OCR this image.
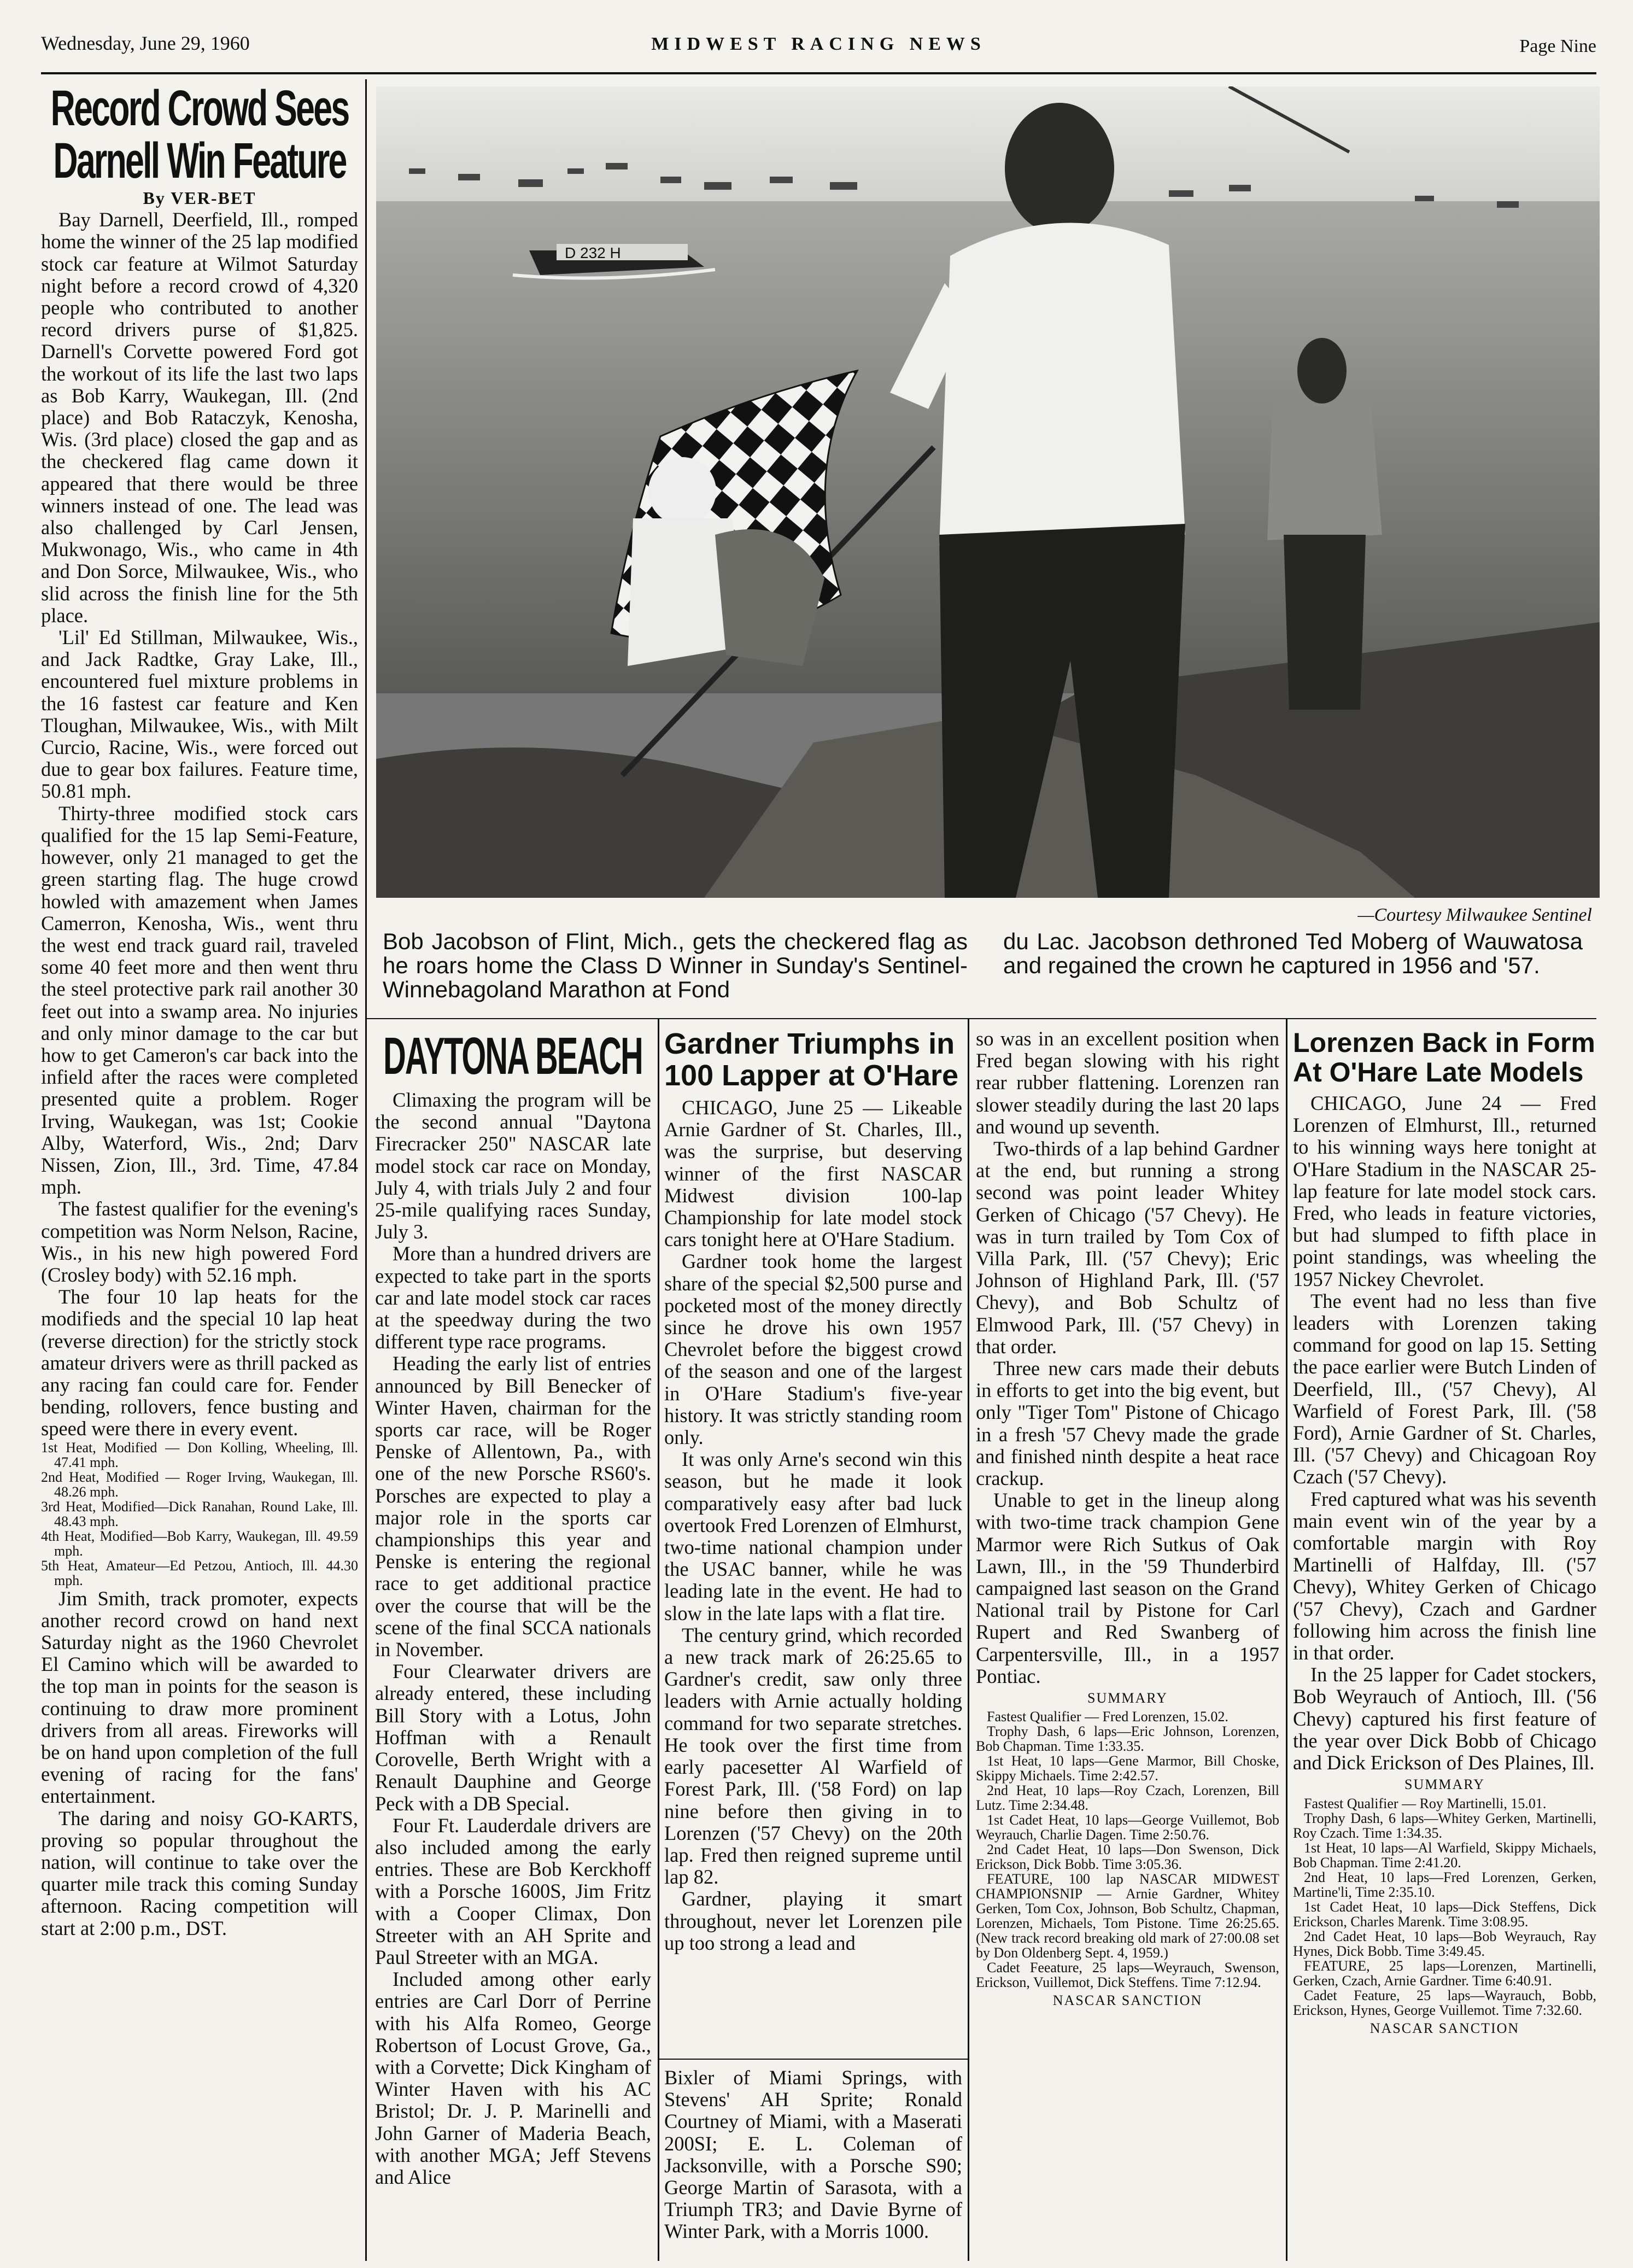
Wednesday, June 29, 1960	MIDWEST RACING NEWS	Page Nine
Record Crowd Sees
Darnell Win Feature

By VER-BET

Bay Darnell, Deerfield, Ill., romped home the winner of the 25 lap modified stock car feature at Wilmot Saturday night before a record crowd of 4,320 people who contributed to another record drivers purse of $1,825. Darnell's Corvette powered Ford got the workout of its life the last two laps as Bob Karry, Waukegan, Ill. (2nd place) and Bob Rataczyk, Kenosha, Wis. (3rd place) closed the gap and as the checkered flag came down it appeared that there would be three winners instead of one. The lead was also challenged by Carl Jensen, Mukwonago, Wis., who came in 4th and Don Sorce, Milwaukee, Wis., who slid across the finish line for the 5th place.

'Lil' Ed Stillman, Milwaukee, Wis., and Jack Radtke, Gray Lake, Ill., encountered fuel mixture problems in the 16 fastest car feature and Ken Tloughan, Milwaukee, Wis., with Milt Curcio, Racine, Wis., were forced out due to gear box failures. Feature time, 50.81 mph.

Thirty-three modified stock cars qualified for the 15 lap Semi-Feature, however, only 21 managed to get the green starting flag. The huge crowd howled with amazement when James Camerron, Kenosha, Wis., went thru the west end track guard rail, traveled some 40 feet more and then went thru the steel protective park rail another 30 feet out into a swamp area. No injuries and only minor damage to the car but how to get Cameron's car back into the infield after the races were completed presented quite a problem. Roger Irving, Waukegan, was 1st; Cookie Alby, Waterford, Wis., 2nd; Darv Nissen, Zion, Ill., 3rd. Time, 47.84 mph.

The fastest qualifier for the evening's competition was Norm Nelson, Racine, Wis., in his new high powered Ford (Crosley body) with 52.16 mph.

The four 10 lap heats for the modifieds and the special 10 lap heat (reverse direction) for the strictly stock amateur drivers were as thrill packed as any racing fan could care for. Fender bending, rollovers, fence busting and speed were there in every event.

1st Heat, Modified — Don Kolling, Wheeling, Ill. 47.41 mph.

2nd Heat, Modified — Roger Irving, Waukegan, Ill. 48.26 mph.

3rd Heat, Modified—Dick Ranahan, Round Lake, Ill. 48.43 mph.

4th Heat, Modified—Bob Karry, Waukegan, Ill. 49.59 mph.

5th Heat, Amateur—Ed Petzou, Antioch, Ill. 44.30 mph.

Jim Smith, track promoter, expects another record crowd on hand next Saturday night as the 1960 Chevrolet El Camino which will be awarded to the top man in points for the season is continuing to draw more prominent drivers from all areas. Fireworks will be on hand upon completion of the full evening of racing for the fans' entertainment.

The daring and noisy GO-KARTS, proving so popular throughout the nation, will continue to take over the quarter mile track this coming Sunday afternoon. Racing competition will start at 2:00 p.m., DST.

D 232 H
—Courtesy Milwaukee Sentinel
Bob Jacobson of Flint, Mich., gets the checkered flag as he roars home the Class D Winner in Sunday's Sentinel-Winnebagoland Marathon at Fond
du Lac. Jacobson dethroned Ted Moberg of Wauwatosa and regained the crown he captured in 1956 and '57.
DAYTONA BEACH

Climaxing the program will be the second annual "Daytona Firecracker 250" NASCAR late model stock car race on Monday, July 4, with trials July 2 and four 25-mile qualifying races Sunday, July 3.

More than a hundred drivers are expected to take part in the sports car and late model stock car races at the speedway during the two different type race programs.

Heading the early list of entries announced by Bill Benecker of Winter Haven, chairman for the sports car race, will be Roger Penske of Allentown, Pa., with one of the new Porsche RS60's. Porsches are expected to play a major role in the sports car championships this year and Penske is entering the regional race to get additional practice over the course that will be the scene of the final SCCA nationals in November.

Four Clearwater drivers are already entered, these including Bill Story with a Lotus, John Hoffman with a Renault Corovelle, Berth Wright with a Renault Dauphine and George Peck with a DB Special.

Four Ft. Lauderdale drivers are also included among the early entries. These are Bob Kerckhoff with a Porsche 1600S, Jim Fritz with a Cooper Climax, Don Streeter with an AH Sprite and Paul Streeter with an MGA.

Included among other early entries are Carl Dorr of Perrine with his Alfa Romeo, George Robertson of Locust Grove, Ga., with a Corvette; Dick Kingham of Winter Haven with his AC Bristol; Dr. J. P. Marinelli and John Garner of Maderia Beach, with another MGA; Jeff Stevens and Alice

Gardner Triumphs in
100 Lapper at O'Hare

CHICAGO, June 25 — Likeable Arnie Gardner of St. Charles, Ill., was the surprise, but deserving winner of the first NASCAR Midwest division 100-lap Championship for late model stock cars tonight here at O'Hare Stadium.

Gardner took home the largest share of the special $2,500 purse and pocketed most of the money directly since he drove his own 1957 Chevrolet before the biggest crowd of the season and one of the largest in O'Hare Stadium's five-year history. It was strictly standing room only.

It was only Arne's second win this season, but he made it look comparatively easy after bad luck overtook Fred Lorenzen of Elmhurst, two-time national champion under the USAC banner, while he was leading late in the event. He had to slow in the late laps with a flat tire.

The century grind, which recorded a new track mark of 26:25.65 to Gardner's credit, saw only three leaders with Arnie actually holding command for two separate stretches. He took over the first time from early pacesetter Al Warfield of Forest Park, Ill. ('58 Ford) on lap nine before then giving in to Lorenzen ('57 Chevy) on the 20th lap. Fred then reigned supreme until lap 82.

Gardner, playing it smart throughout, never let Lorenzen pile up too strong a lead and

Bixler of Miami Springs, with Stevens' AH Sprite; Ronald Courtney of Miami, with a Maserati 200SI; E. L. Coleman of Jacksonville, with a Porsche S90; George Martin of Sarasota, with a Triumph TR3; and Davie Byrne of Winter Park, with a Morris 1000.

so was in an excellent position when Fred began slowing with his right rear rubber flattening. Lorenzen ran slower steadily during the last 20 laps and wound up seventh.

Two-thirds of a lap behind Gardner at the end, but running a strong second was point leader Whitey Gerken of Chicago ('57 Chevy). He was in turn trailed by Tom Cox of Villa Park, Ill. ('57 Chevy); Eric Johnson of Highland Park, Ill. ('57 Chevy), and Bob Schultz of Elmwood Park, Ill. ('57 Chevy) in that order.

Three new cars made their debuts in efforts to get into the big event, but only "Tiger Tom" Pistone of Chicago in a fresh '57 Chevy made the grade and finished ninth despite a heat race crackup.

Unable to get in the lineup along with two-time track champion Gene Marmor were Rich Sutkus of Oak Lawn, Ill., in the '59 Thunderbird campaigned last season on the Grand National trail by Pistone for Carl Rupert and Red Swanberg of Carpentersville, Ill., in a 1957 Pontiac.

SUMMARY

Fastest Qualifier — Fred Lorenzen, 15.02.

Trophy Dash, 6 laps—Eric Johnson, Lorenzen, Bob Chapman. Time 1:33.35.

1st Heat, 10 laps—Gene Marmor, Bill Choske, Skippy Michaels. Time 2:42.57.

2nd Heat, 10 laps—Roy Czach, Lorenzen, Bill Lutz. Time 2:34.48.

1st Cadet Heat, 10 laps—George Vuillemot, Bob Weyrauch, Charlie Dagen. Time 2:50.76.

2nd Cadet Heat, 10 laps—Don Swenson, Dick Erickson, Dick Bobb. Time 3:05.36.

FEATURE, 100 lap NASCAR MIDWEST CHAMPIONSNIP — Arnie Gardner, Whitey Gerken, Tom Cox, Johnson, Bob Schultz, Chapman, Lorenzen, Michaels, Tom Pistone. Time 26:25.65. (New track record breaking old mark of 27:00.08 set by Don Oldenberg Sept. 4, 1959.)

Cadet Feeature, 25 laps—Weyrauch, Swenson, Erickson, Vuillemot, Dick Steffens. Time 7:12.94.

NASCAR SANCTION

Lorenzen Back in Form
At O'Hare Late Models

CHICAGO, June 24 — Fred Lorenzen of Elmhurst, Ill., returned to his winning ways here tonight at O'Hare Stadium in the NASCAR 25-lap feature for late model stock cars. Fred, who leads in feature victories, but had slumped to fifth place in point standings, was wheeling the 1957 Nickey Chevrolet.

The event had no less than five leaders with Lorenzen taking command for good on lap 15. Setting the pace earlier were Butch Linden of Deerfield, Ill., ('57 Chevy), Al Warfield of Forest Park, Ill. ('58 Ford), Arnie Gardner of St. Charles, Ill. ('57 Chevy) and Chicagoan Roy Czach ('57 Chevy).

Fred captured what was his seventh main event win of the year by a comfortable margin with Roy Martinelli of Halfday, Ill. ('57 Chevy), Whitey Gerken of Chicago ('57 Chevy), Czach and Gardner following him across the finish line in that order.

In the 25 lapper for Cadet stockers, Bob Weyrauch of Antioch, Ill. ('56 Chevy) captured his first feature of the year over Dick Bobb of Chicago and Dick Erickson of Des Plaines, Ill.

SUMMARY

Fastest Qualifier — Roy Martinelli, 15.01.

Trophy Dash, 6 laps—Whitey Gerken, Martinelli, Roy Czach. Time 1:34.35.

1st Heat, 10 laps—Al Warfield, Skippy Michaels, Bob Chapman. Time 2:41.20.

2nd Heat, 10 laps—Fred Lorenzen, Gerken, Martine'li, Time 2:35.10.

1st Cadet Heat, 10 laps—Dick Steffens, Dick Erickson, Charles Marenk. Time 3:08.95.

2nd Cadet Heat, 10 laps—Bob Weyrauch, Ray Hynes, Dick Bobb. Time 3:49.45.

FEATURE, 25 laps—Lorenzen, Martinelli, Gerken, Czach, Arnie Gardner. Time 6:40.91.

Cadet Feature, 25 laps—Wayrauch, Bobb, Erickson, Hynes, George Vuillemot. Time 7:32.60.

NASCAR SANCTION
